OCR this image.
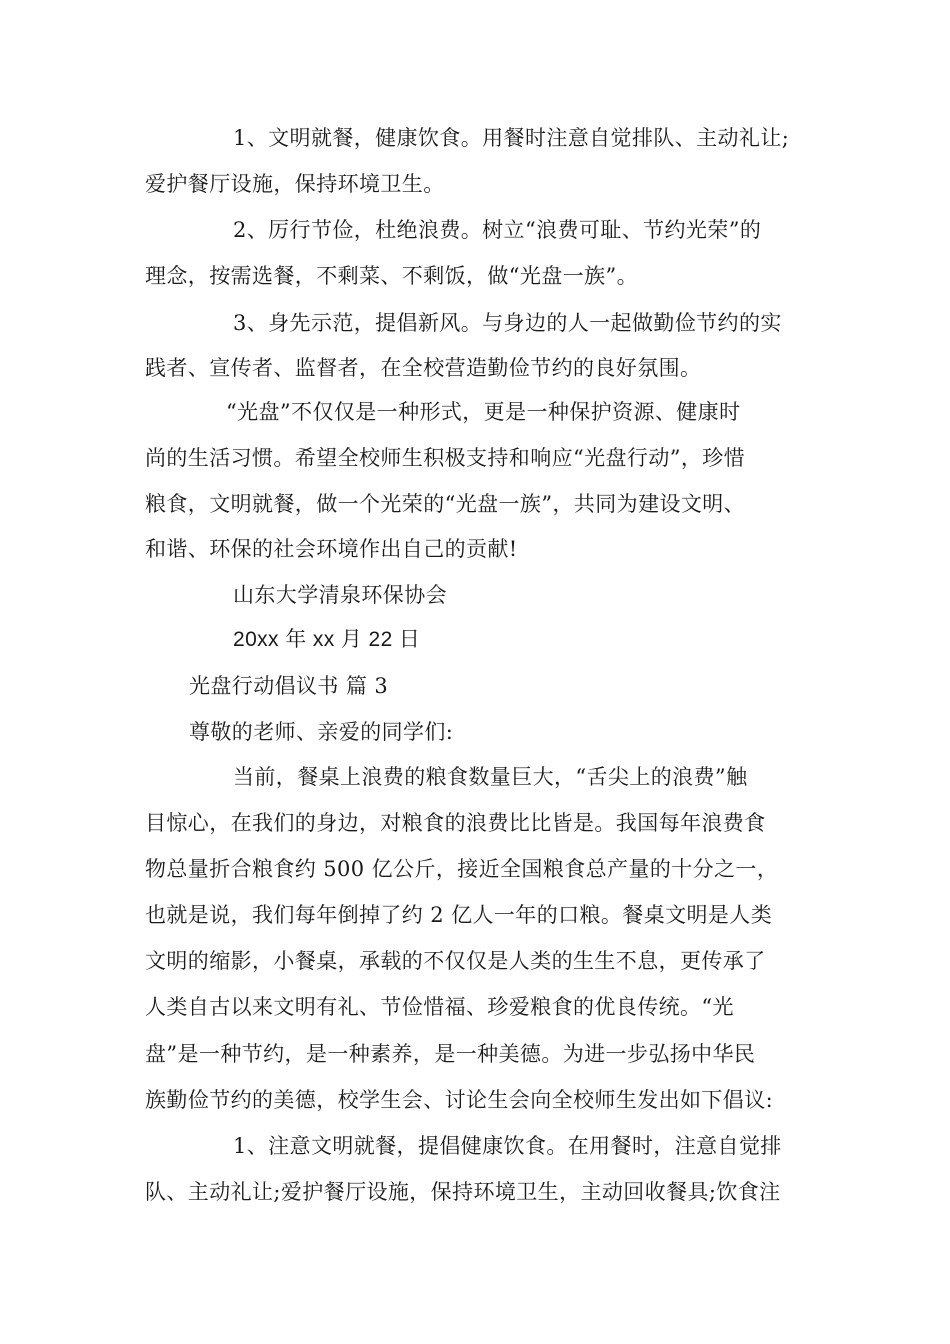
1、文明就餐，健康饮食。用餐时注意自觉排队、主动礼让;
爱护餐厅设施，保持环境卫生。
2、厉行节俭，杜绝浪费。树立“浪费可耻、节约光荣”的
理念，按需选餐，不剩菜、不剩饭，做“光盘一族”。
3、身先示范，提倡新风。与身边的人一起做勤俭节约的实
践者、宣传者、监督者，在全校营造勤俭节约的良好氛围。
“光盘”不仅仅是一种形式，更是一种保护资源、健康时
尚的生活习惯。希望全校师生积极支持和响应“光盘行动”，珍惜
粮食，文明就餐，做一个光荣的“光盘一族”，共同为建设文明、
和谐、环保的社会环境作出自己的贡献!
山东大学清泉环保协会
20xx 年 xx 月 22 日
光盘行动倡议书 篇 3
尊敬的老师、亲爱的同学们:
当前，餐桌上浪费的粮食数量巨大，“舌尖上的浪费”触
目惊心，在我们的身边，对粮食的浪费比比皆是。我国每年浪费食
物总量折合粮食约 500 亿公斤，接近全国粮食总产量的十分之一，
也就是说，我们每年倒掉了约 2 亿人一年的口粮。餐桌文明是人类
文明的缩影，小餐桌，承载的不仅仅是人类的生生不息，更传承了
人类自古以来文明有礼、节俭惜福、珍爱粮食的优良传统。“光
盘”是一种节约，是一种素养，是一种美德。为进一步弘扬中华民
族勤俭节约的美德，校学生会、讨论生会向全校师生发出如下倡议:
1、注意文明就餐，提倡健康饮食。在用餐时，注意自觉排
队、主动礼让;爱护餐厅设施，保持环境卫生，主动回收餐具;饮食注
